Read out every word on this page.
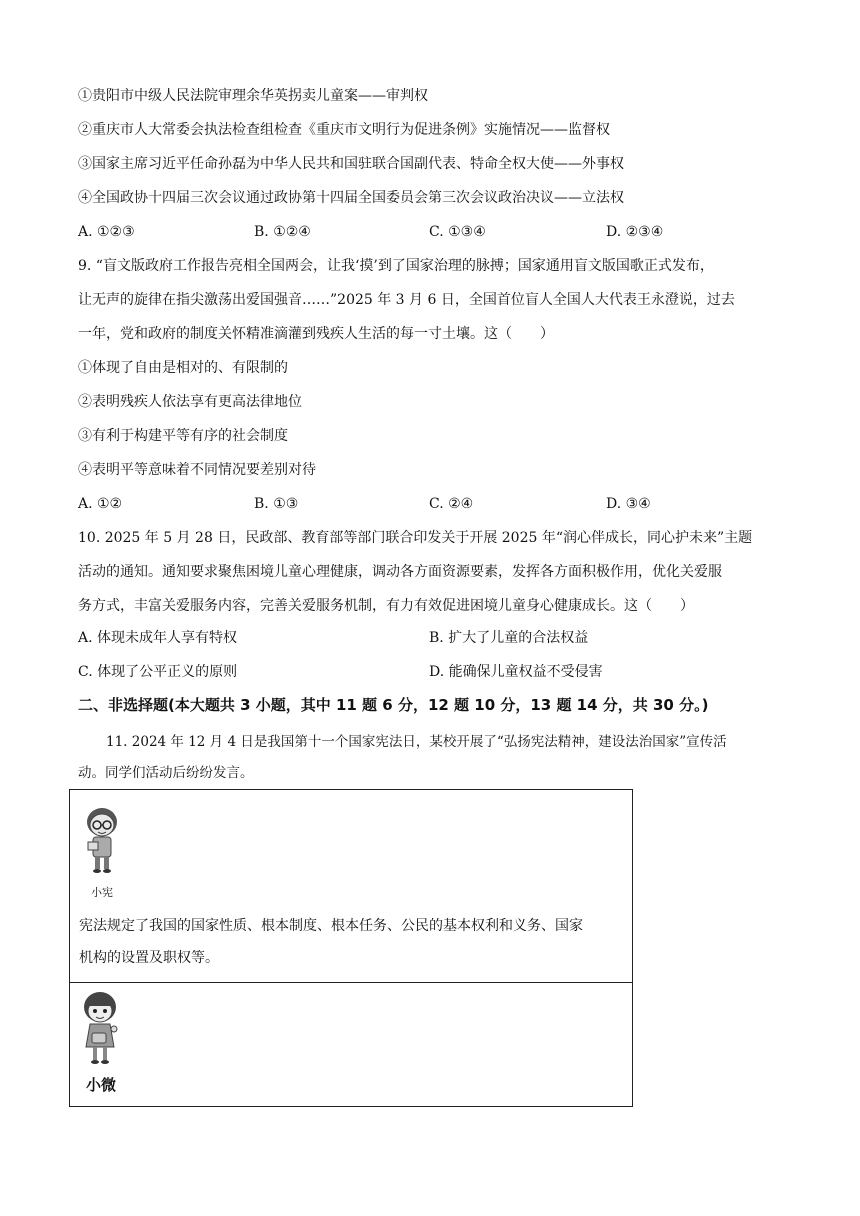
①贵阳市中级人民法院审理余华英拐卖儿童案——审判权
②重庆市人大常委会执法检查组检查《重庆市文明行为促进条例》实施情况——监督权
③国家主席习近平任命孙磊为中华人民共和国驻联合国副代表、特命全权大使——外事权
④全国政协十四届三次会议通过政协第十四届全国委员会第三次会议政治决议——立法权
A. ①②③	B. ①②④	C. ①③④	D. ②③④
9. “盲文版政府工作报告亮相全国两会，让我‘摸’到了国家治理的脉搏；国家通用盲文版国歌正式发布，
让无声的旋律在指尖激荡出爱国强音……”2025 年 3 月 6 日，全国首位盲人全国人大代表王永澄说，过去
一年，党和政府的制度关怀精准滴灌到残疾人生活的每一寸土壤。这（　　）
①体现了自由是相对的、有限制的
②表明残疾人依法享有更高法律地位
③有利于构建平等有序的社会制度
④表明平等意味着不同情况要差别对待
A. ①②	B. ①③	C. ②④	D. ③④
10. 2025 年 5 月 28 日，民政部、教育部等部门联合印发关于开展 2025 年“润心伴成长，同心护未来”主题
活动的通知。通知要求聚焦困境儿童心理健康，调动各方面资源要素，发挥各方面积极作用，优化关爱服
务方式，丰富关爱服务内容，完善关爱服务机制，有力有效促进困境儿童身心健康成长。这（　　）
A. 体现未成年人享有特权	B. 扩大了儿童的合法权益
C. 体现了公平正义的原则	D. 能确保儿童权益不受侵害
二、非选择题(本大题共 3 小题，其中 11 题 6 分，12 题 10 分，13 题 14 分，共 30 分。)
11. 2024 年 12 月 4 日是我国第十一个国家宪法日，某校开展了“弘扬宪法精神，建设法治国家”宣传活
动。同学们活动后纷纷发言。
小宪
宪法规定了我国的国家性质、根本制度、根本任务、公民的基本权利和义务、国家
机构的设置及职权等。
小微
